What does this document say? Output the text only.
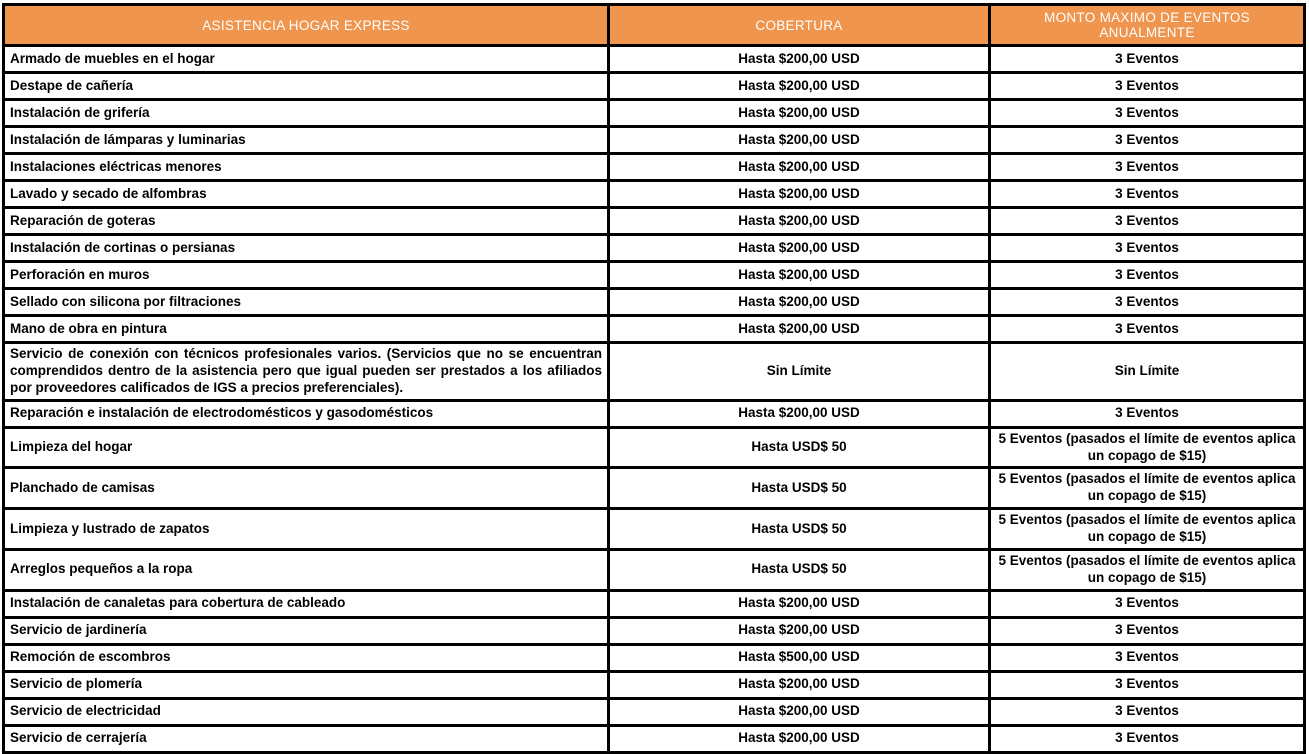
ASISTENCIA HOGAR EXPRESS	COBERTURA	MONTO MAXIMO DE EVENTOS ANUALMENTE
Armado de muebles en el hogar	Hasta $200,00 USD	3 Eventos
Destape de cañería	Hasta $200,00 USD	3 Eventos
Instalación de grifería	Hasta $200,00 USD	3 Eventos
Instalación de lámparas y luminarias	Hasta $200,00 USD	3 Eventos
Instalaciones eléctricas menores	Hasta $200,00 USD	3 Eventos
Lavado y secado de alfombras	Hasta $200,00 USD	3 Eventos
Reparación de goteras	Hasta $200,00 USD	3 Eventos
Instalación de cortinas o persianas	Hasta $200,00 USD	3 Eventos
Perforación en muros	Hasta $200,00 USD	3 Eventos
Sellado con silicona por filtraciones	Hasta $200,00 USD	3 Eventos
Mano de obra en pintura	Hasta $200,00 USD	3 Eventos
Servicio de conexión con técnicos profesionales varios. (Servicios que no se encuentran comprendidos dentro de la asistencia pero que igual pueden ser prestados a los afiliados por proveedores calificados de IGS a precios preferenciales).	Sin Límite	Sin Límite
Reparación e instalación de electrodomésticos y gasodomésticos	Hasta $200,00 USD	3 Eventos
Limpieza del hogar	Hasta USD$ 50	5 Eventos (pasados el límite de eventos aplica un copago de $15)
Planchado de camisas	Hasta USD$ 50	5 Eventos (pasados el límite de eventos aplica un copago de $15)
Limpieza y lustrado de zapatos	Hasta USD$ 50	5 Eventos (pasados el límite de eventos aplica un copago de $15)
Arreglos pequeños a la ropa	Hasta USD$ 50	5 Eventos (pasados el límite de eventos aplica un copago de $15)
Instalación de canaletas para cobertura de cableado	Hasta $200,00 USD	3 Eventos
Servicio de jardinería	Hasta $200,00 USD	3 Eventos
Remoción de escombros	Hasta $500,00 USD	3 Eventos
Servicio de plomería	Hasta $200,00 USD	3 Eventos
Servicio de electricidad	Hasta $200,00 USD	3 Eventos
Servicio de cerrajería	Hasta $200,00 USD	3 Eventos
